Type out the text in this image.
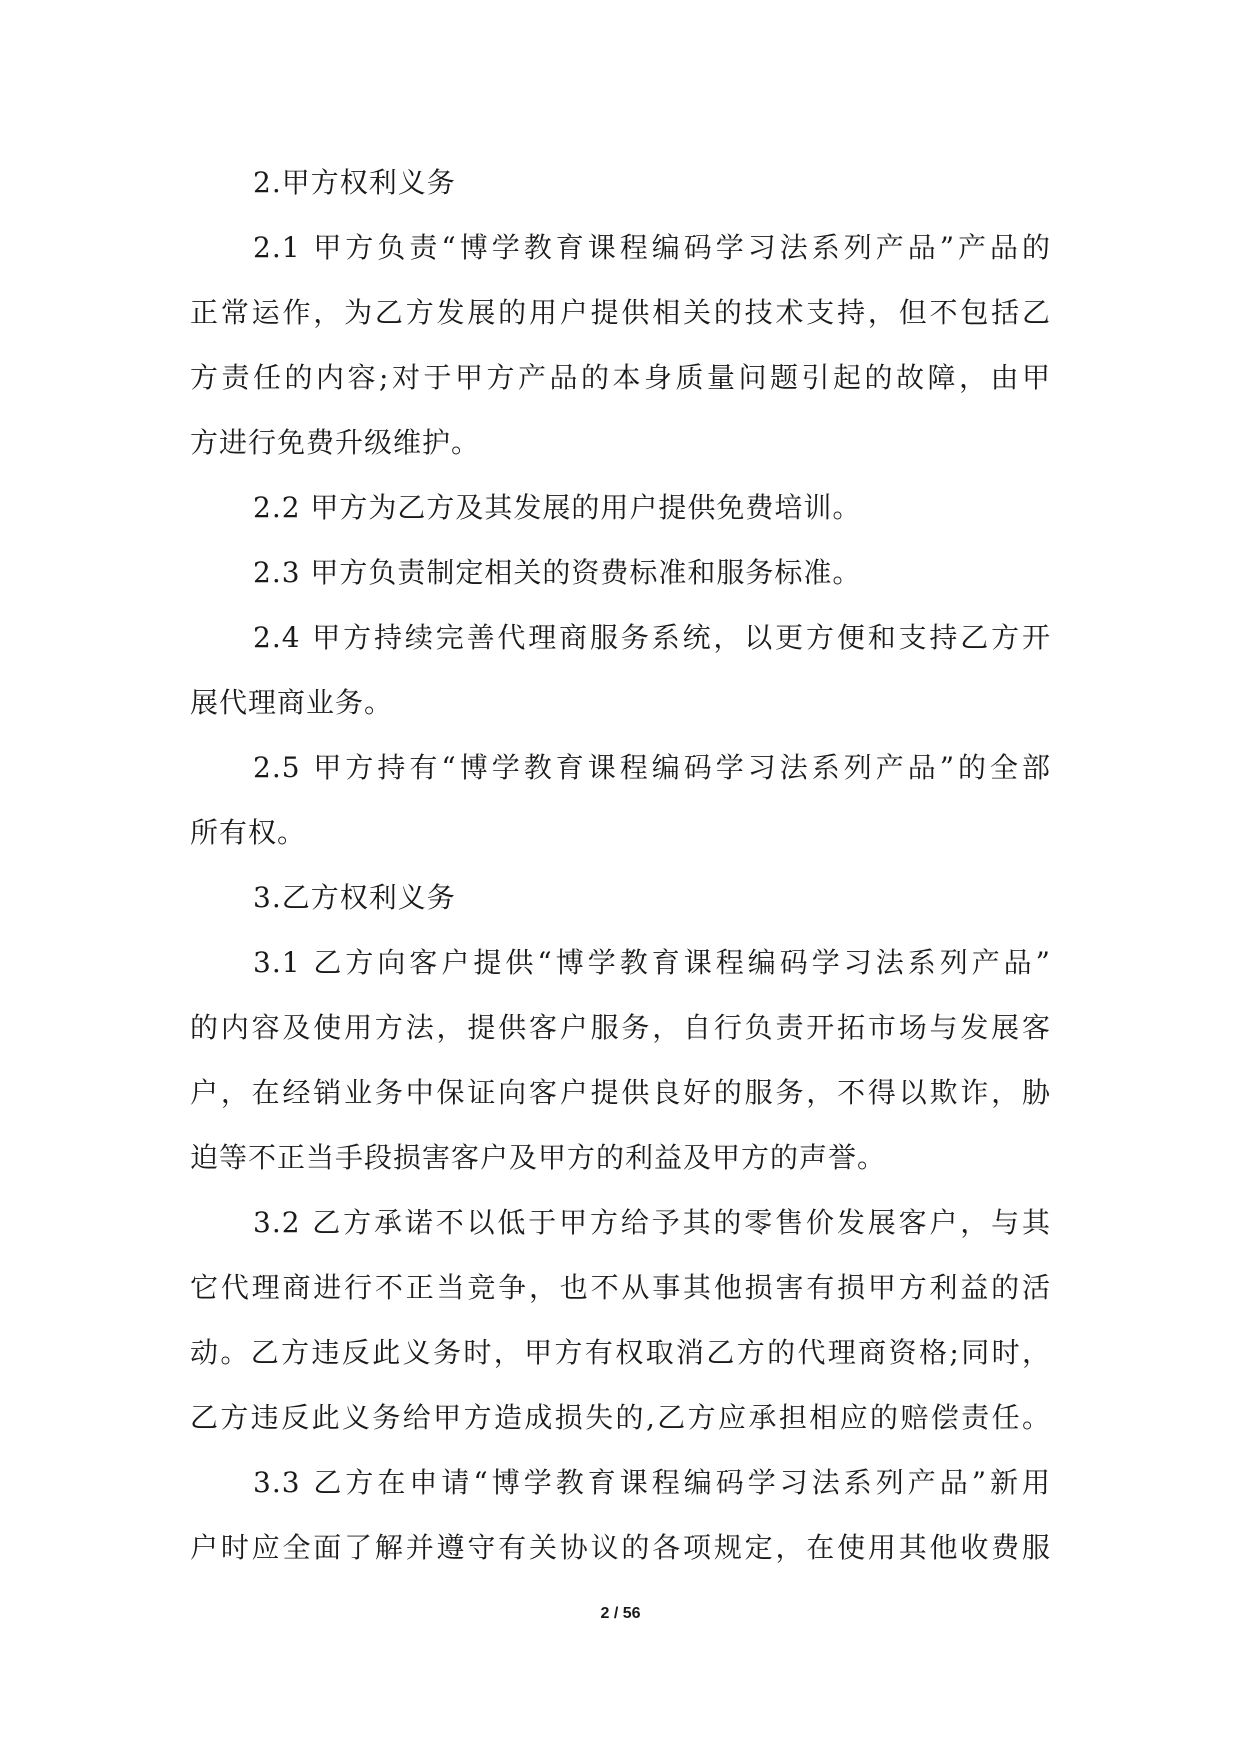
2.甲方权利义务
2.1 甲方负责“博学教育课程编码学习法系列产品”产品的
正常运作，为乙方发展的用户提供相关的技术支持，但不包括乙
方责任的内容;对于甲方产品的本身质量问题引起的故障，由甲
方进行免费升级维护。
2.2 甲方为乙方及其发展的用户提供免费培训。
2.3 甲方负责制定相关的资费标准和服务标准。
2.4 甲方持续完善代理商服务系统，以更方便和支持乙方开
展代理商业务。
2.5 甲方持有“博学教育课程编码学习法系列产品”的全部
所有权。
3.乙方权利义务
3.1 乙方向客户提供“博学教育课程编码学习法系列产品”
的内容及使用方法，提供客户服务，自行负责开拓市场与发展客
户，在经销业务中保证向客户提供良好的服务，不得以欺诈，胁
迫等不正当手段损害客户及甲方的利益及甲方的声誉。
3.2 乙方承诺不以低于甲方给予其的零售价发展客户，与其
它代理商进行不正当竞争，也不从事其他损害有损甲方利益的活
动。乙方违反此义务时，甲方有权取消乙方的代理商资格;同时，
乙方违反此义务给甲方造成损失的,乙方应承担相应的赔偿责任。
3.3 乙方在申请“博学教育课程编码学习法系列产品”新用
户时应全面了解并遵守有关协议的各项规定，在使用其他收费服
2 / 56
